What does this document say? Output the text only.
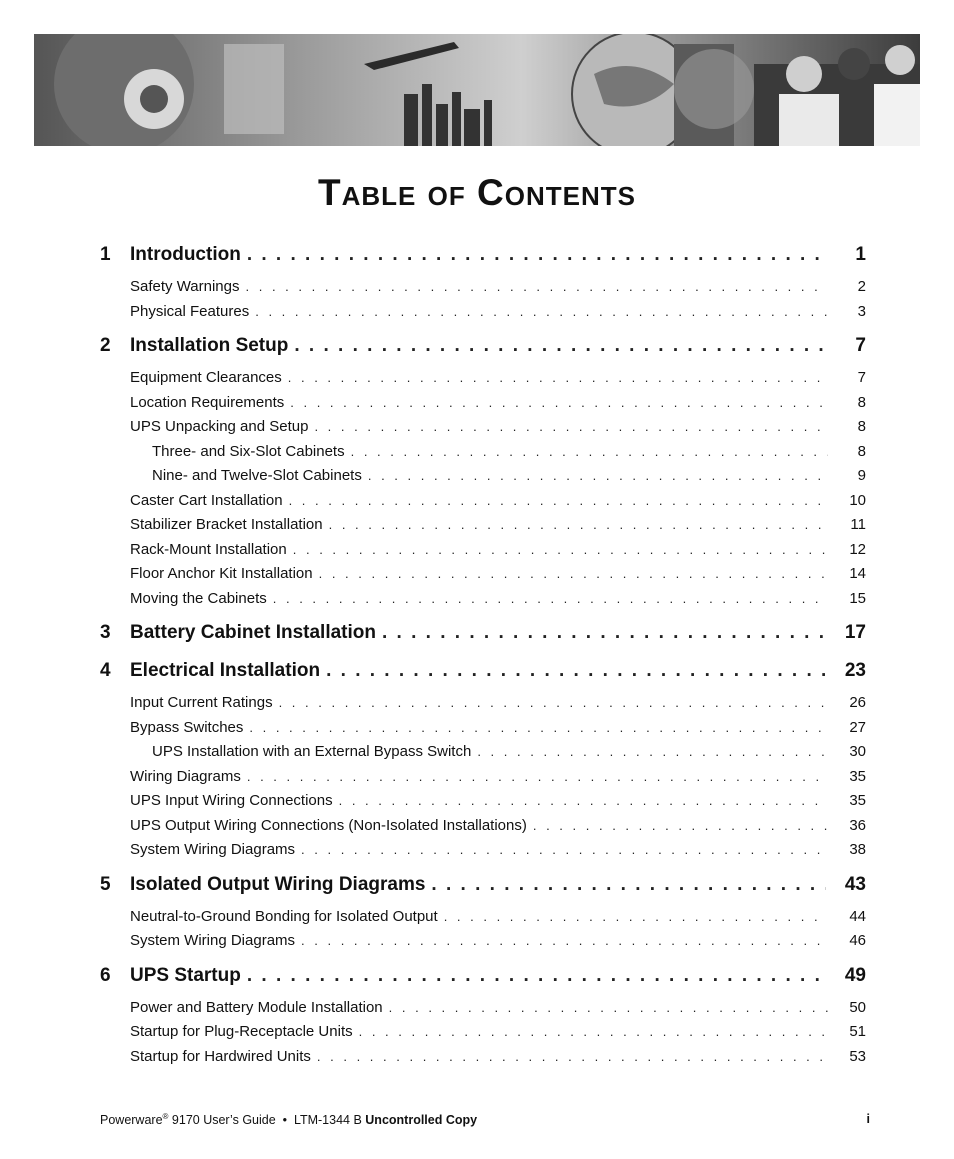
Table of Contents
1	Introduction . . .	1
Safety Warnings . . .	2
Physical Features . . .	3
2	Installation Setup . . .	7
Equipment Clearances . . .	7
Location Requirements . . .	8
UPS Unpacking and Setup . . .	8
Three- and Six-Slot Cabinets . . .	8
Nine- and Twelve-Slot Cabinets . . .	9
Caster Cart Installation . . .	10
Stabilizer Bracket Installation . . .	11
Rack-Mount Installation . . .	12
Floor Anchor Kit Installation . . .	14
Moving the Cabinets . . .	15
3	Battery Cabinet Installation . . .	17
4	Electrical Installation . . .	23
Input Current Ratings . . .	26
Bypass Switches . . .	27
UPS Installation with an External Bypass Switch . . .	30
Wiring Diagrams . . .	35
UPS Input Wiring Connections . . .	35
UPS Output Wiring Connections (Non-Isolated Installations) . . .	36
System Wiring Diagrams . . .	38
5	Isolated Output Wiring Diagrams . . .	43
Neutral-to-Ground Bonding for Isolated Output . . .	44
System Wiring Diagrams . . .	46
6	UPS Startup . . .	49
Power and Battery Module Installation . . .	50
Startup for Plug-Receptacle Units . . .	51
Startup for Hardwired Units . . .	53
Powerware® 9170 User’s Guide  •  LTM-1344 B Uncontrolled Copy	i
